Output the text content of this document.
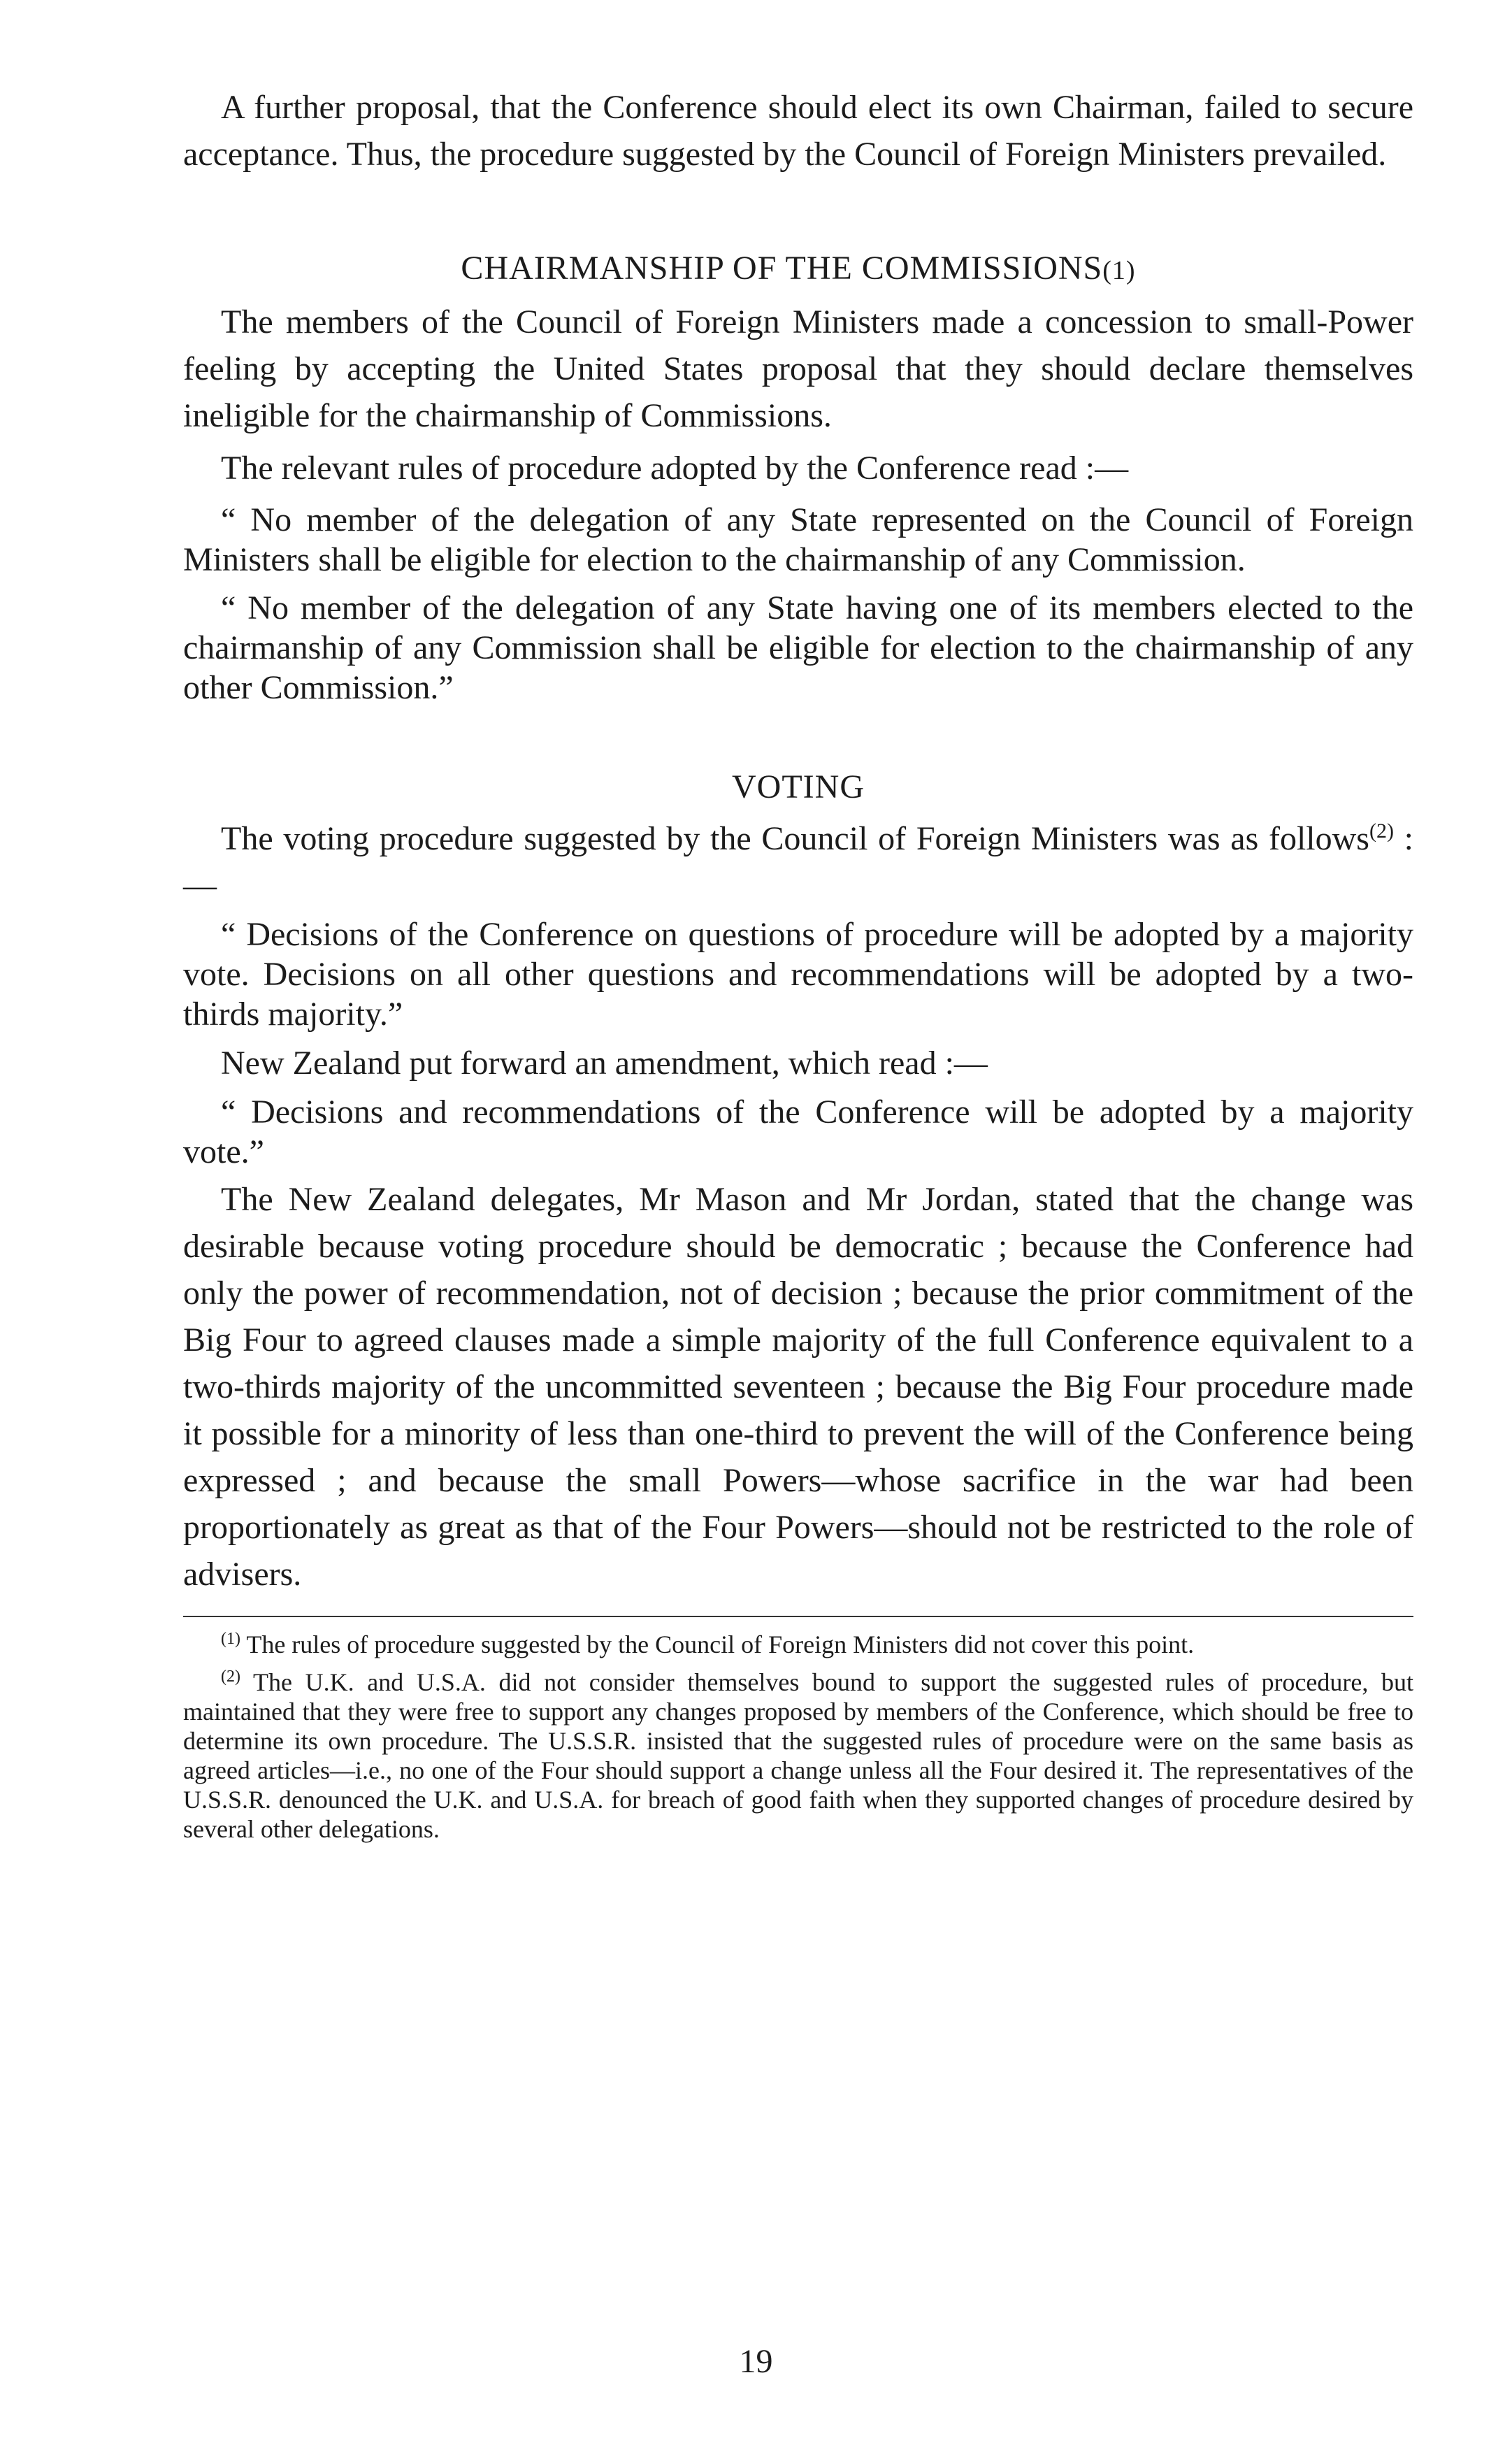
A further proposal, that the Conference should elect its own Chairman, failed to secure acceptance. Thus, the procedure suggested by the Council of Foreign Ministers prevailed.

CHAIRMANSHIP OF THE COMMISSIONS(1)

The members of the Council of Foreign Ministers made a concession to small-Power feeling by accepting the United States proposal that they should declare themselves ineligible for the chairmanship of Commissions.

The relevant rules of procedure adopted by the Conference read :—

“ No member of the delegation of any State represented on the Council of Foreign Ministers shall be eligible for election to the chairmanship of any Commission.

“ No member of the delegation of any State having one of its members elected to the chairmanship of any Commission shall be eligible for election to the chairmanship of any other Commission.”

VOTING

The voting procedure suggested by the Council of Foreign Ministers was as follows$^{(2)}$ :—

“ Decisions of the Conference on questions of procedure will be adopted by a majority vote. Decisions on all other questions and recommendations will be adopted by a two-thirds majority.”

New Zealand put forward an amendment, which read :—

“ Decisions and recommendations of the Conference will be adopted by a majority vote.”

The New Zealand delegates, Mr Mason and Mr Jordan, stated that the change was desirable because voting procedure should be democratic ; because the Conference had only the power of recommendation, not of decision ; because the prior commitment of the Big Four to agreed clauses made a simple majority of the full Conference equivalent to a two-thirds majority of the uncommitted seventeen ; because the Big Four procedure made it possible for a minority of less than one-third to prevent the will of the Conference being expressed ; and because the small Powers—whose sacrifice in the war had been proportionately as great as that of the Four Powers—should not be restricted to the role of advisers.

$^{(1)}$ The rules of procedure suggested by the Council of Foreign Ministers did not cover this point.

$^{(2)}$ The U.K. and U.S.A. did not consider themselves bound to support the suggested rules of procedure, but maintained that they were free to support any changes proposed by members of the Conference, which should be free to determine its own procedure. The U.S.S.R. insisted that the suggested rules of procedure were on the same basis as agreed articles—i.e., no one of the Four should support a change unless all the Four desired it. The representatives of the U.S.S.R. denounced the U.K. and U.S.A. for breach of good faith when they supported changes of procedure desired by several other delegations.

19
